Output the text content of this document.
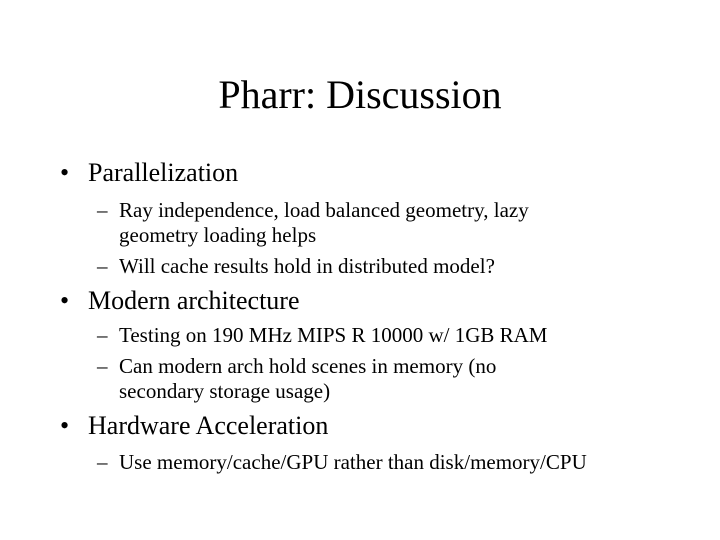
Pharr: Discussion
• Parallelization
– Ray independence, load balanced geometry, lazy geometry loading helps
– Will cache results hold in distributed model?
• Modern architecture
– Testing on 190 MHz MIPS R 10000 w/ 1GB RAM
– Can modern arch hold scenes in memory (no secondary storage usage)
• Hardware Acceleration
– Use memory/cache/GPU rather than disk/memory/CPU
